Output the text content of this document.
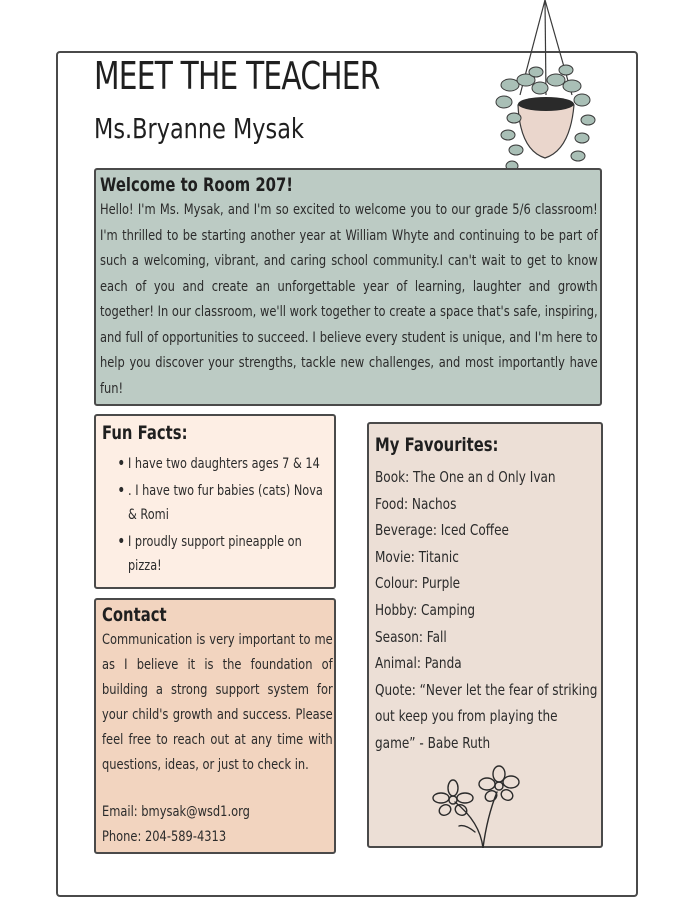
MEET THE TEACHER
Ms.Bryanne Mysak
Welcome to Room 207!
Hello! I'm Ms. Mysak, and I'm so excited to welcome you to our grade 5/6 classroom! I'm thrilled to be starting another year at William Whyte and continuing to be part of such a welcoming, vibrant, and caring school community.I can't wait to get to know each of you and create an unforgettable year of learning, laughter and growth together! In our classroom, we'll work together to create a space that's safe, inspiring, and full of opportunities to succeed. I believe every student is unique, and I'm here to help you discover your strengths, tackle new challenges, and most importantly have fun!
Fun Facts:
• I have two daughters ages 7 & 14
• . I have two fur babies (cats) Nova & Romi
• I proudly support pineapple on pizza!
Contact
Communication is very important to me as I believe it is the foundation of building a strong support system for your child's growth and success. Please feel free to reach out at any time with questions, ideas, or just to check in.
Email: bmysak@wsd1.org
Phone: 204-589-4313
My Favourites:
Book: The One an d Only Ivan
Food: Nachos
Beverage: Iced Coffee
Movie: Titanic
Colour: Purple
Hobby: Camping
Season: Fall
Animal: Panda
Quote: “Never let the fear of striking out keep you from playing the game” - Babe Ruth
